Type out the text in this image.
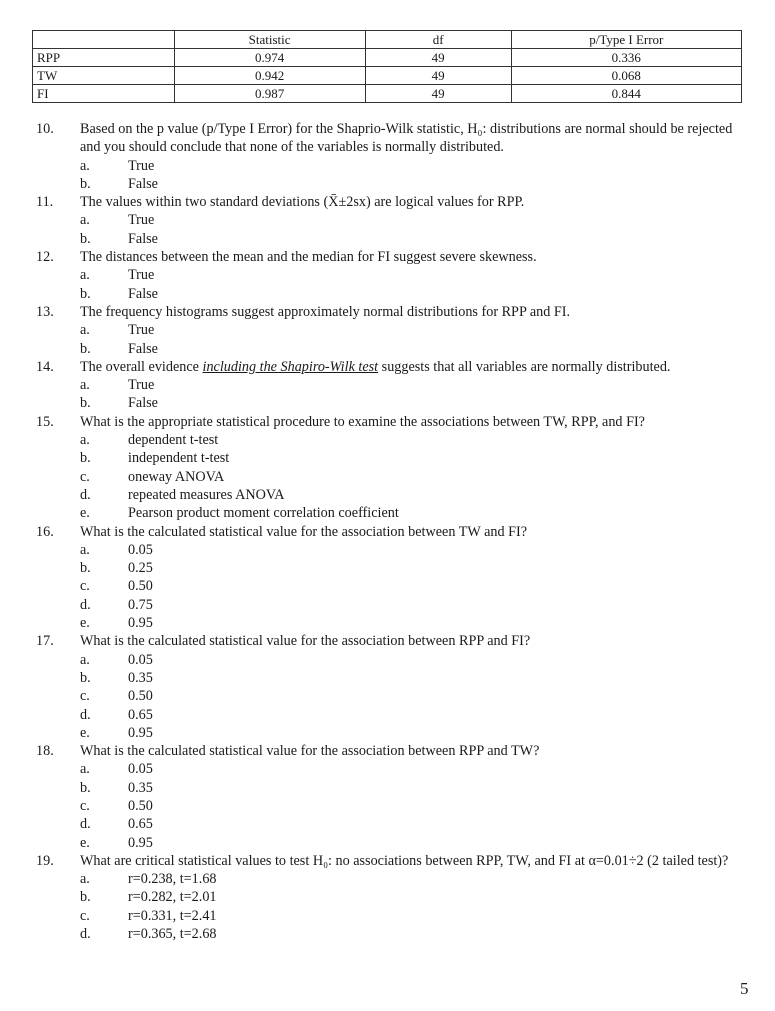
	Statistic	df	p/Type I Error
RPP	0.974	49	0.336
TW	0.942	49	0.068
FI	0.987	49	0.844
10.	Based on the p value (p/Type I Error) for the Shaprio-Wilk statistic, H₀: distributions are normal should be rejected and you should conclude that none of the variables is normally distributed.
a.	True
b.	False
11.	The values within two standard deviations (X̄±2sx) are logical values for RPP.
a.	True
b.	False
12.	The distances between the mean and the median for FI suggest severe skewness.
a.	True
b.	False
13.	The frequency histograms suggest approximately normal distributions for RPP and FI.
a.	True
b.	False
14.	The overall evidence including the Shapiro-Wilk test suggests that all variables are normally distributed.
a.	True
b.	False
15.	What is the appropriate statistical procedure to examine the associations between TW, RPP, and FI?
a.	dependent t-test
b.	independent t-test
c.	oneway ANOVA
d.	repeated measures ANOVA
e.	Pearson product moment correlation coefficient
16.	What is the calculated statistical value for the association between TW and FI?
a.	0.05
b.	0.25
c.	0.50
d.	0.75
e.	0.95
17.	What is the calculated statistical value for the association between RPP and FI?
a.	0.05
b.	0.35
c.	0.50
d.	0.65
e.	0.95
18.	What is the calculated statistical value for the association between RPP and TW?
a.	0.05
b.	0.35
c.	0.50
d.	0.65
e.	0.95
19.	What are critical statistical values to test H₀: no associations between RPP, TW, and FI at α=0.01÷2 (2 tailed test)?
a.	r=0.238, t=1.68
b.	r=0.282, t=2.01
c.	r=0.331, t=2.41
d.	r=0.365, t=2.68
5
